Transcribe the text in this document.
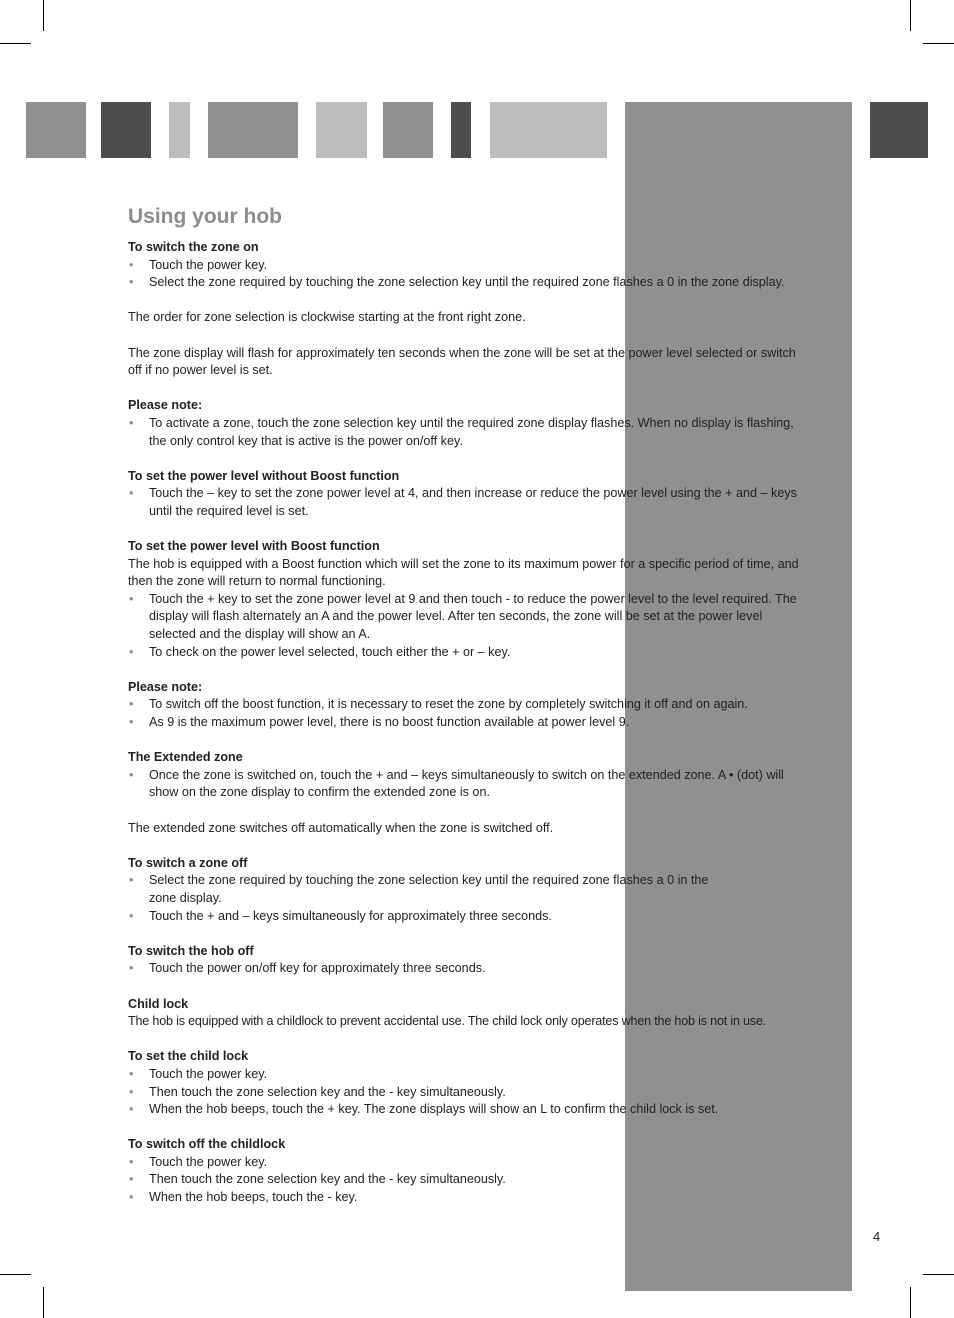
Using your hob

To switch the zone on

• Touch the power key.
• Select the zone required by touching the zone selection key until the required zone flashes a 0 in the zone display.

The order for zone selection is clockwise starting at the front right zone.

The zone display will flash for approximately ten seconds when the zone will be set at the power level selected or switch off if no power level is set.

Please note:

• To activate a zone, touch the zone selection key until the required zone display flashes. When no display is flashing, the only control key that is active is the power on/off key.

To set the power level without Boost function

• Touch the – key to set the zone power level at 4, and then increase or reduce the power level using the + and – keys until the required level is set.

To set the power level with Boost function

The hob is equipped with a Boost function which will set the zone to its maximum power for a specific period of time, and then the zone will return to normal functioning.

• Touch the + key to set the zone power level at 9 and then touch - to reduce the power level to the level required. The display will flash alternately an A and the power level. After ten seconds, the zone will be set at the power level selected and the display will show an A.
• To check on the power level selected, touch either the + or – key.

Please note:

• To switch off the boost function, it is necessary to reset the zone by completely switching it off and on again.
• As 9 is the maximum power level, there is no boost function available at power level 9.

The Extended zone

• Once the zone is switched on, touch the + and – keys simultaneously to switch on the extended zone. A • (dot) will show on the zone display to confirm the extended zone is on.

The extended zone switches off automatically when the zone is switched off.

To switch a zone off

• Select the zone required by touching the zone selection key until the required zone flashes a 0 in the zone display.
• Touch the + and – keys simultaneously for approximately three seconds.

To switch the hob off

• Touch the power on/off key for approximately three seconds.

Child lock

The hob is equipped with a childlock to prevent accidental use. The child lock only operates when the hob is not in use.

To set the child lock

• Touch the power key.
• Then touch the zone selection key and the - key simultaneously.
• When the hob beeps, touch the + key. The zone displays will show an L to confirm the child lock is set.

To switch off the childlock

• Touch the power key.
• Then touch the zone selection key and the - key simultaneously.
• When the hob beeps, touch the - key.
4
